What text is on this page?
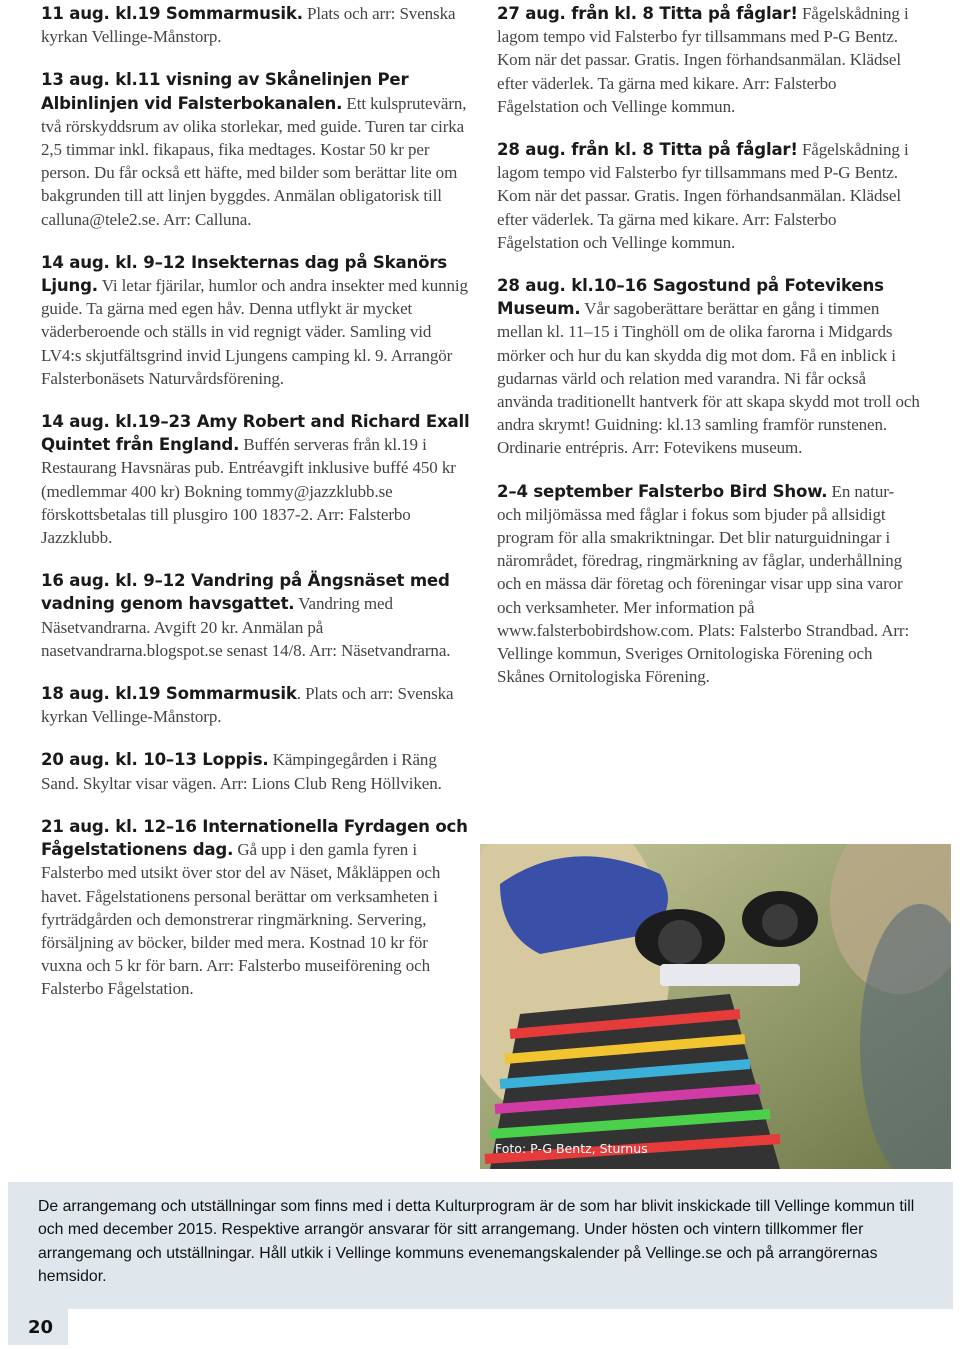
11 aug. kl.19 Sommarmusik. Plats och arr: Svenska kyrkan Vellinge-Månstorp.

13 aug. kl.11 visning av Skånelinjen Per Albinlinjen vid Falsterbokanalen. Ett kulsprutevärn, två rörskyddsrum av olika storlekar, med guide. Turen tar cirka 2,5 timmar inkl. fikapaus, fika medtages. Kostar 50 kr per person. Du får också ett häfte, med bilder som berättar lite om bakgrunden till att linjen byggdes. Anmälan obligatorisk till calluna@tele2.se. Arr: Calluna.

14 aug. kl. 9–12 Insekternas dag på Skanörs Ljung. Vi letar fjärilar, humlor och andra insekter med kunnig guide. Ta gärna med egen håv. Denna utflykt är mycket väderberoende och ställs in vid regnigt väder. Samling vid LV4:s skjutfältsgrind invid Ljungens camping kl. 9. Arrangör Falsterbonäsets Naturvårdsförening.

14 aug. kl.19–23 Amy Robert and Richard Exall Quintet från England. Buffén serveras från kl.19 i Restaurang Havsnäras pub. Entréavgift inklusive buffé 450 kr (medlemmar 400 kr) Bokning tommy@jazzklubb.se förskottsbetalas till plusgiro 100 1837-2. Arr: Falsterbo Jazzklubb.

16 aug. kl. 9–12 Vandring på Ängsnäset med vadning genom havsgattet. Vandring med Näsetvandrarna. Avgift 20 kr. Anmälan på nasetvandrarna.blogspot.se senast 14/8. Arr: Näsetvandrarna.

18 aug. kl.19 Sommarmusik. Plats och arr: Svenska kyrkan Vellinge-Månstorp.

20 aug. kl. 10–13 Loppis. Kämpingegården i Räng Sand. Skyltar visar vägen. Arr: Lions Club Reng Höllviken.

21 aug. kl. 12–16 Internationella Fyrdagen och Fågelstationens dag. Gå upp i den gamla fyren i Falsterbo med utsikt över stor del av Näset, Måkläppen och havet. Fågelstationens personal berättar om verksamheten i fyrträdgården och demonstrerar ringmärkning. Servering, försäljning av böcker, bilder med mera. Kostnad 10 kr för vuxna och 5 kr för barn. Arr: Falsterbo museiförening och Falsterbo Fågelstation.

27 aug. från kl. 8 Titta på fåglar! Fågelskådning i lagom tempo vid Falsterbo fyr tillsammans med P-G Bentz. Kom när det passar. Gratis. Ingen förhandsanmälan. Klädsel efter väderlek. Ta gärna med kikare. Arr: Falsterbo Fågelstation och Vellinge kommun.

28 aug. från kl. 8 Titta på fåglar! Fågelskådning i lagom tempo vid Falsterbo fyr tillsammans med P-G Bentz. Kom när det passar. Gratis. Ingen förhandsanmälan. Klädsel efter väderlek. Ta gärna med kikare. Arr: Falsterbo Fågelstation och Vellinge kommun.

28 aug. kl.10–16 Sagostund på Fotevikens Museum. Vår sagoberättare berättar en gång i timmen mellan kl. 11–15 i Tinghöll om de olika farorna i Midgards mörker och hur du kan skydda dig mot dom. Få en inblick i gudarnas värld och relation med varandra. Ni får också använda traditionellt hantverk för att skapa skydd mot troll och andra skrymt! Guidning: kl.13 samling framför runstenen. Ordinarie entrépris. Arr: Fotevikens museum.

2–4 september Falsterbo Bird Show. En natur- och miljömässa med fåglar i fokus som bjuder på allsidigt program för alla smakriktningar. Det blir naturguidningar i närområdet, föredrag, ringmärkning av fåglar, underhållning och en mässa där företag och föreningar visar upp sina varor och verksamheter. Mer information på www.falsterbobirdshow.com. Plats: Falsterbo Strandbad. Arr: Vellinge kommun, Sveriges Ornitologiska Förening och Skånes Ornitologiska Förening.

Foto: P-G Bentz, Sturnus

De arrangemang och utställningar som finns med i detta Kulturprogram är de som har blivit inskickade till Vellinge kommun till och med december 2015. Respektive arrangör ansvarar för sitt arrangemang. Under hösten och vintern tillkommer fler arrangemang och utställningar. Håll utkik i Vellinge kommuns evenemangskalender på Vellinge.se och på arrangörernas hemsidor.

20
